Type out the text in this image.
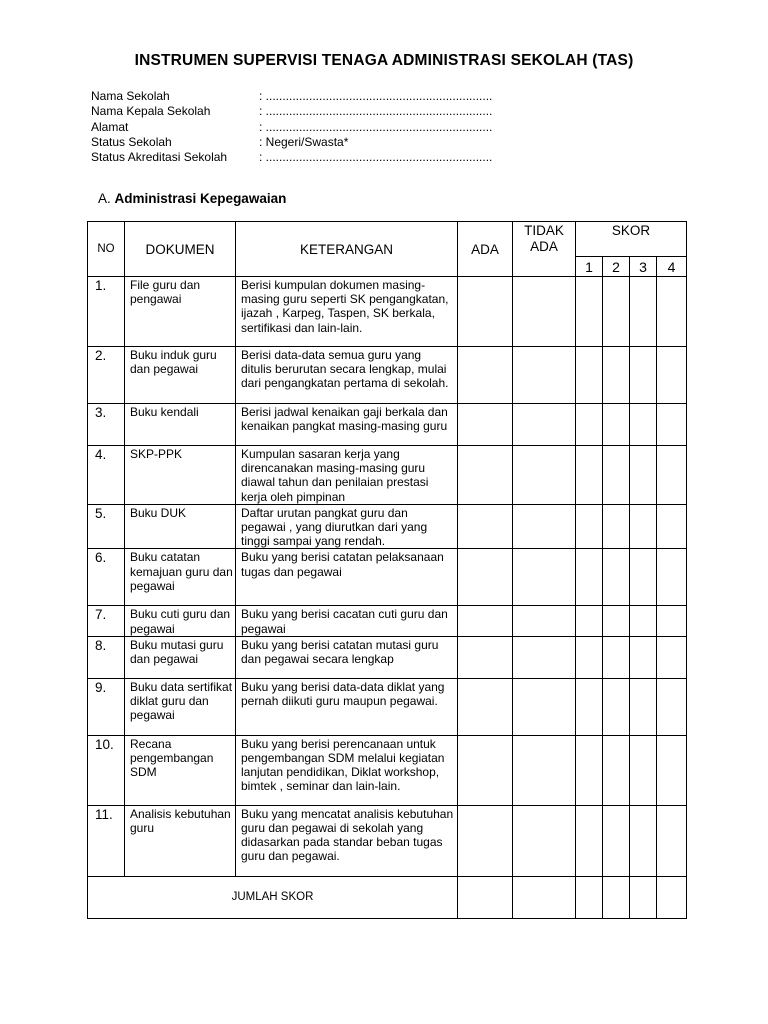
INSTRUMEN SUPERVISI TENAGA ADMINISTRASI SEKOLAH (TAS)
Nama Sekolah	: ....................................................................
Nama Kepala Sekolah	: ....................................................................
Alamat	: ....................................................................
Status Sekolah	: Negeri/Swasta*
Status Akreditasi Sekolah	: ....................................................................
A. Administrasi Kepegawaian
NO	DOKUMEN	KETERANGAN	ADA	TIDAK ADA	SKOR			
					1	2	3	4
1.	File guru dan pengawai	Berisi kumpulan dokumen masing-masing guru seperti SK pengangkatan, ijazah , Karpeg, Taspen, SK berkala, sertifikasi dan lain-lain.						
2.	Buku induk guru dan pegawai	Berisi data-data semua guru yang ditulis berurutan secara lengkap, mulai dari pengangkatan pertama di sekolah.						
3.	Buku kendali	Berisi jadwal kenaikan gaji berkala dan kenaikan pangkat masing-masing guru						
4.	SKP-PPK	Kumpulan sasaran kerja yang direncanakan masing-masing guru diawal tahun dan penilaian prestasi kerja oleh pimpinan						
5.	Buku DUK	Daftar urutan pangkat guru dan pegawai , yang diurutkan dari yang tinggi sampai yang rendah.						
6.	Buku catatan kemajuan guru dan pegawai	Buku yang berisi catatan pelaksanaan tugas dan pegawai						
7.	Buku cuti guru dan pegawai	Buku yang berisi cacatan cuti guru dan pegawai						
8.	Buku mutasi guru dan pegawai	Buku yang berisi catatan mutasi guru dan pegawai secara lengkap						
9.	Buku data sertifikat diklat guru dan pegawai	Buku yang berisi data-data diklat yang pernah diikuti guru maupun pegawai.						
10.	Recana pengembangan SDM	Buku yang berisi perencanaan untuk pengembangan SDM melalui kegiatan lanjutan pendidikan, Diklat workshop, bimtek , seminar dan lain-lain.						
11.	Analisis kebutuhan guru	Buku yang mencatat analisis kebutuhan guru dan pegawai di sekolah yang didasarkan pada standar beban tugas guru dan pegawai.						
JUMLAH SKOR								
